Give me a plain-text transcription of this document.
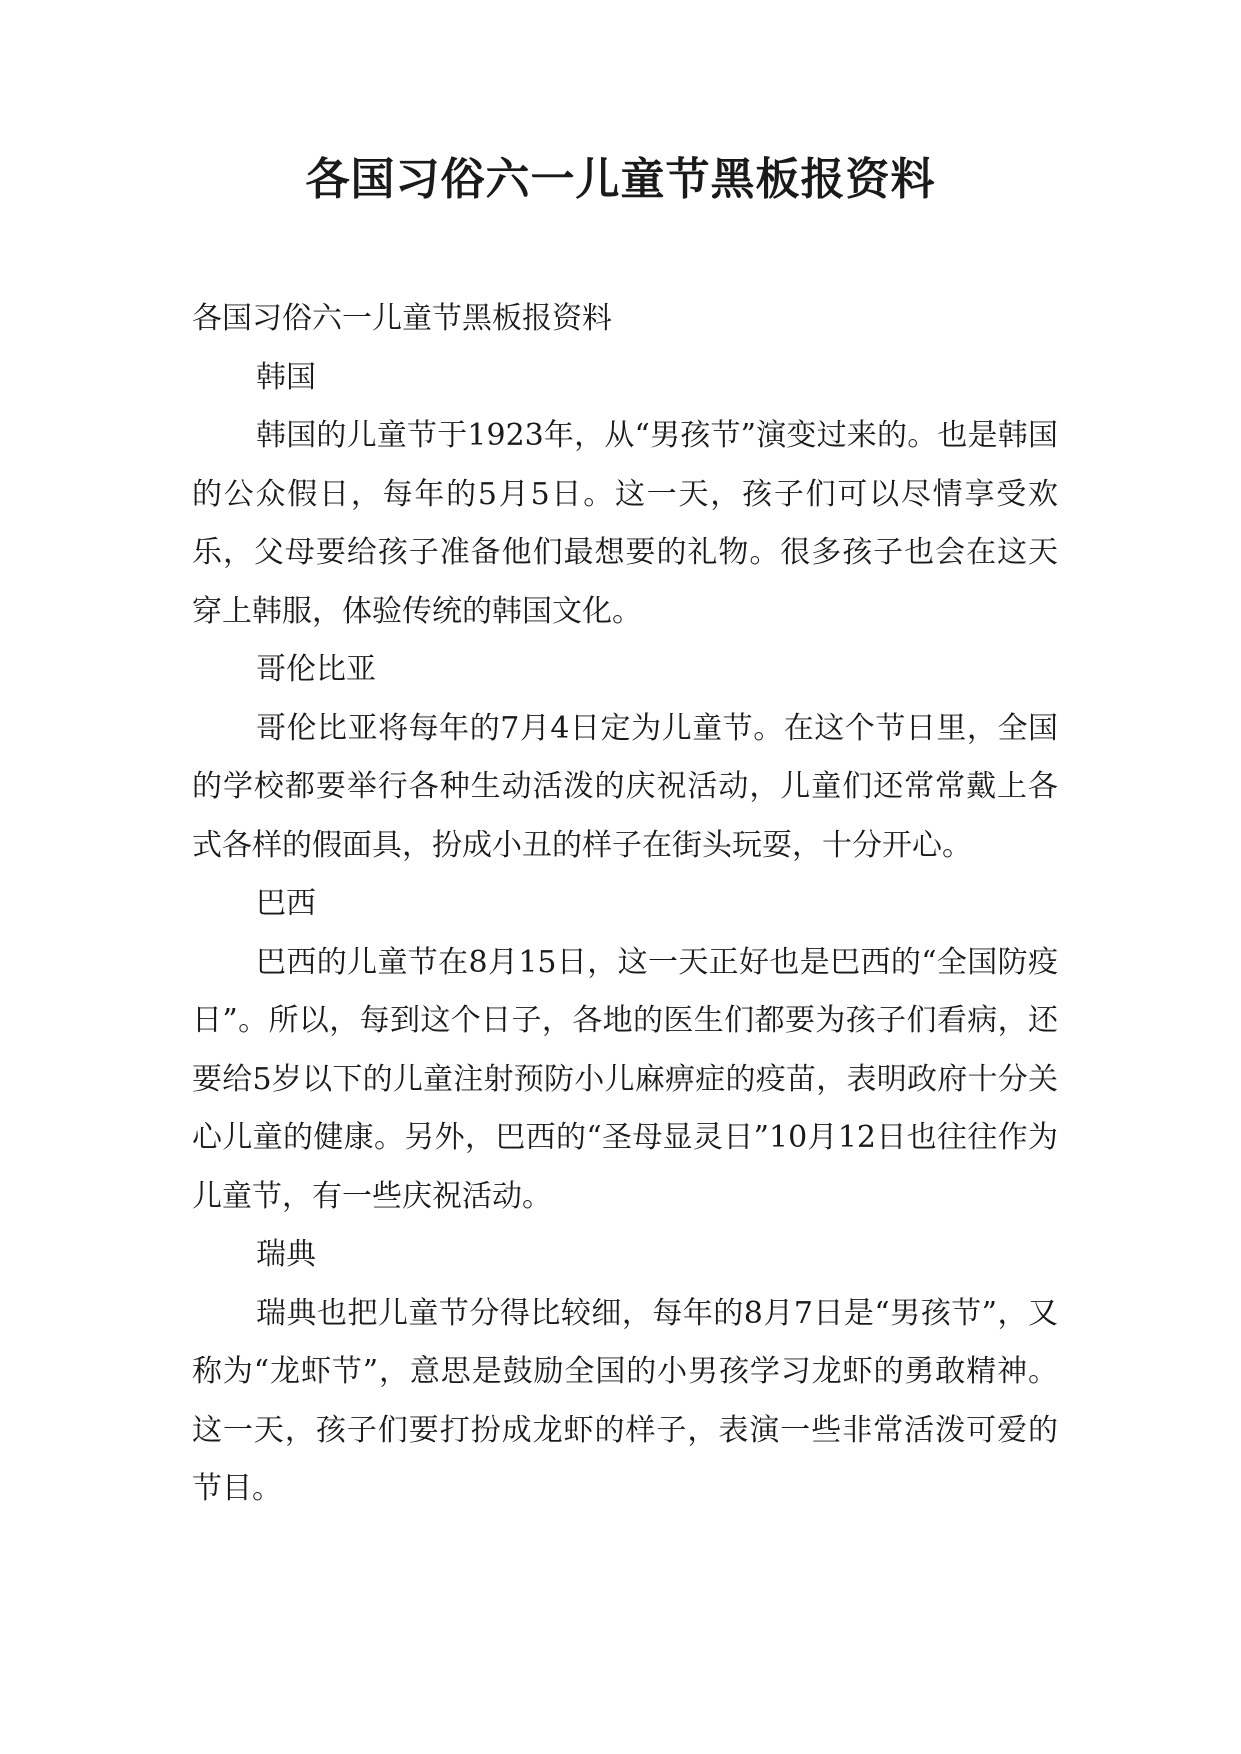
各国习俗六一儿童节黑板报资料

各国习俗六一儿童节黑板报资料

韩国

韩国的儿童节于1923年，从“男孩节”演变过来的。也是韩国的公众假日，每年的5月5日。这一天，孩子们可以尽情享受欢乐，父母要给孩子准备他们最想要的礼物。很多孩子也会在这天穿上韩服，体验传统的韩国文化。

哥伦比亚

哥伦比亚将每年的7月4日定为儿童节。在这个节日里，全国的学校都要举行各种生动活泼的庆祝活动，儿童们还常常戴上各式各样的假面具，扮成小丑的样子在街头玩耍，十分开心。

巴西

巴西的儿童节在8月15日，这一天正好也是巴西的“全国防疫日”。所以，每到这个日子，各地的医生们都要为孩子们看病，还要给5岁以下的儿童注射预防小儿麻痹症的疫苗，表明政府十分关心儿童的健康。另外，巴西的“圣母显灵日”10月12日也往往作为儿童节，有一些庆祝活动。

瑞典

瑞典也把儿童节分得比较细，每年的8月7日是“男孩节”，又称为“龙虾节”，意思是鼓励全国的小男孩学习龙虾的勇敢精神。这一天，孩子们要打扮成龙虾的样子，表演一些非常活泼可爱的节目。
